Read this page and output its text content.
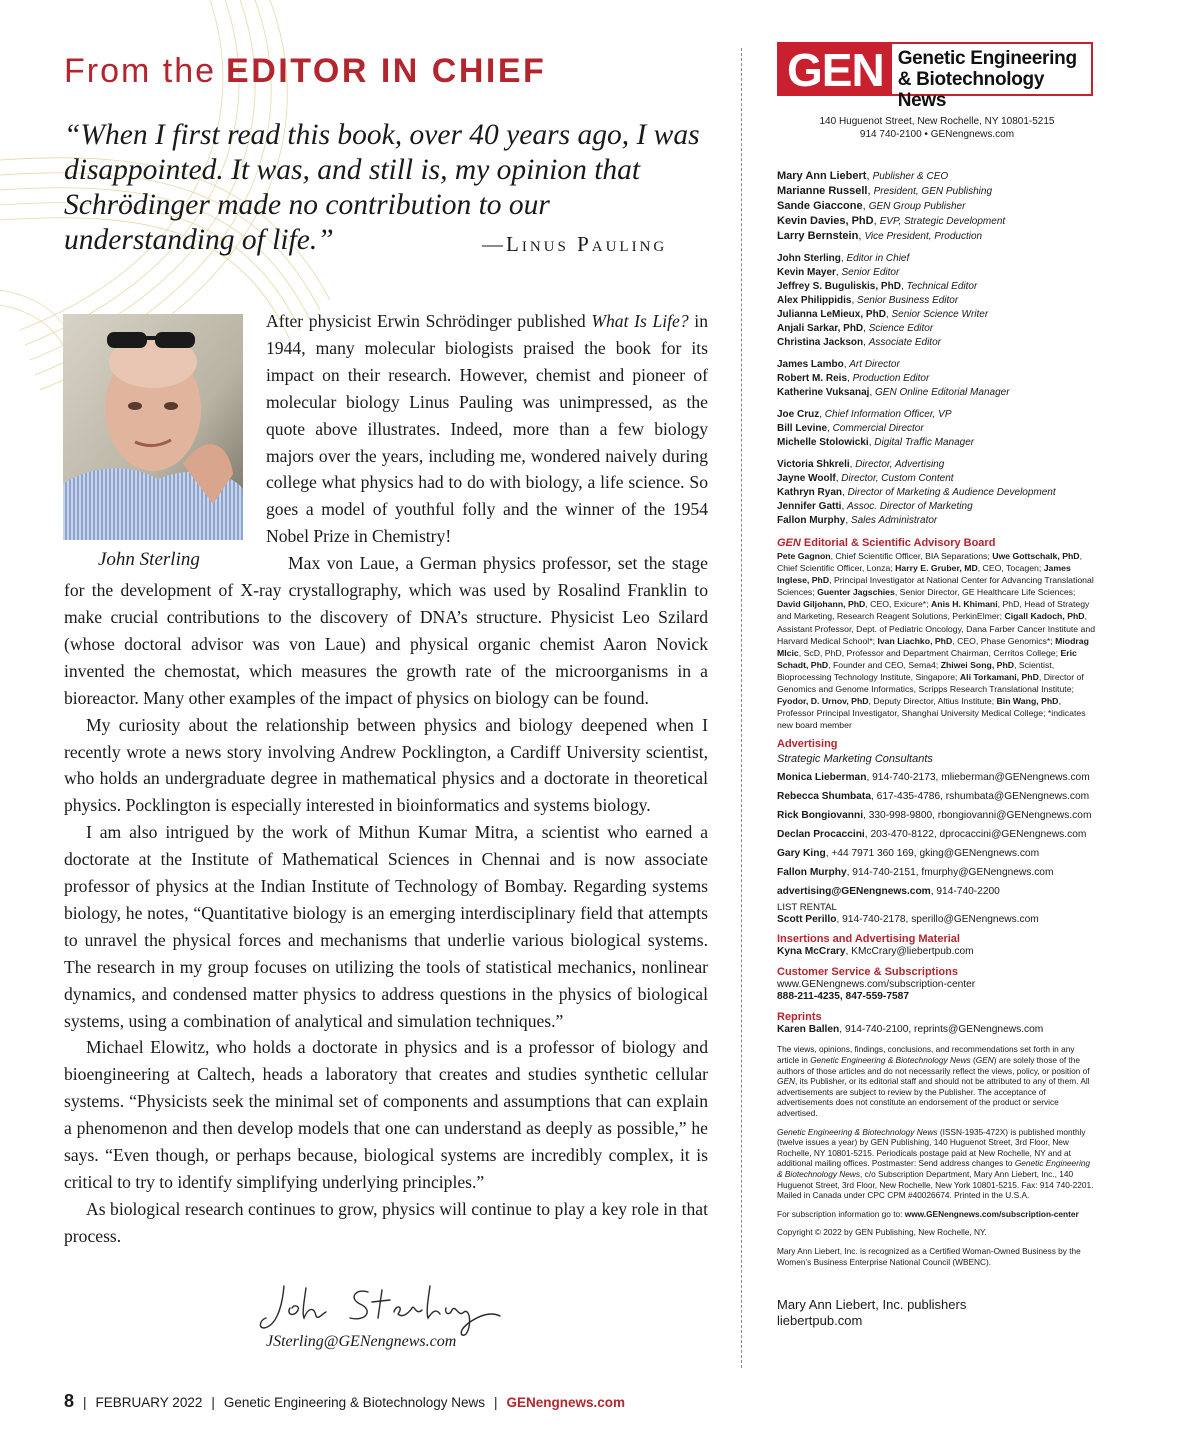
From the EDITOR IN CHIEF
“When I first read this book, over 40 years ago, I was disappointed. It was, and still is, my opinion that Schrödinger made no contribution to our understanding of life.”	—Linus Pauling
John Sterling

After physicist Erwin Schrödinger published What Is Life? in 1944, many molecular biologists praised the book for its impact on their research. However, chemist and pioneer of molecular biology Linus Pauling was unimpressed, as the quote above illustrates. Indeed, more than a few biology majors over the years, including me, wondered naively during college what physics had to do with biology, a life science. So goes a model of youthful folly and the winner of the 1954 Nobel Prize in Chemistry!

Max von Laue, a German physics professor, set the stage for the development of X-ray crystallography, which was used by Rosalind Franklin to make crucial contributions to the discovery of DNA’s structure. Physicist Leo Szilard (whose doctoral advisor was von Laue) and physical organic chemist Aaron Novick invented the chemostat, which measures the growth rate of the microorganisms in a bioreactor. Many other examples of the impact of physics on biology can be found.

My curiosity about the relationship between physics and biology deepened when I recently wrote a news story involving Andrew Pocklington, a Cardiff University scientist, who holds an undergraduate degree in mathematical physics and a doctorate in theoretical physics. Pocklington is especially interested in bioinformatics and systems biology.

I am also intrigued by the work of Mithun Kumar Mitra, a scientist who earned a doctorate at the Institute of Mathematical Sciences in Chennai and is now associate professor of physics at the Indian Institute of Technology of Bombay. Regarding systems biology, he notes, “Quantitative biology is an emerging interdisciplinary field that attempts to unravel the physical forces and mechanisms that underlie various biological systems. The research in my group focuses on utilizing the tools of statistical mechanics, nonlinear dynamics, and condensed matter physics to address questions in the physics of biological systems, using a combination of analytical and simulation techniques.”

Michael Elowitz, who holds a doctorate in physics and is a professor of biology and bioengineering at Caltech, heads a laboratory that creates and studies synthetic cellular systems. “Physicists seek the minimal set of components and assumptions that can explain a phenomenon and then develop models that one can understand as deeply as possible,” he says. “Even though, or perhaps because, biological systems are incredibly complex, it is critical to try to identify simplifying underlying principles.”

As biological research continues to grow, physics will continue to play a key role in that process.

JSterling@GENengnews.com
8 | FEBRUARY 2022 | Genetic Engineering & Biotechnology News | GENengnews.com
GEN Genetic Engineering
& Biotechnology News
140 Huguenot Street, New Rochelle, NY 10801-5215
914 740-2100 • GENengnews.com
Mary Ann Liebert, Publisher & CEO
Marianne Russell, President, GEN Publishing
Sande Giaccone, GEN Group Publisher
Kevin Davies, PhD, EVP, Strategic Development
Larry Bernstein, Vice President, Production
John Sterling, Editor in Chief
Kevin Mayer, Senior Editor
Jeffrey S. Buguliskis, PhD, Technical Editor
Alex Philippidis, Senior Business Editor
Julianna LeMieux, PhD, Senior Science Writer
Anjali Sarkar, PhD, Science Editor
Christina Jackson, Associate Editor
James Lambo, Art Director
Robert M. Reis, Production Editor
Katherine Vuksanaj, GEN Online Editorial Manager
Joe Cruz, Chief Information Officer, VP
Bill Levine, Commercial Director
Michelle Stolowicki, Digital Traffic Manager
Victoria Shkreli, Director, Advertising
Jayne Woolf, Director, Custom Content
Kathryn Ryan, Director of Marketing & Audience Development
Jennifer Gatti, Assoc. Director of Marketing
Fallon Murphy, Sales Administrator
GEN Editorial & Scientific Advisory Board
Pete Gagnon, Chief Scientific Officer, BIA Separations; Uwe Gottschalk, PhD, Chief Scientific Officer, Lonza; Harry E. Gruber, MD, CEO, Tocagen; James Inglese, PhD, Principal Investigator at National Center for Advancing Translational Sciences; Guenter Jagschies, Senior Director, GE Healthcare Life Sciences; David Giljohann, PhD, CEO, Exicure*; Anis H. Khimani, PhD, Head of Strategy and Marketing, Research Reagent Solutions, PerkinElmer; Cigall Kadoch, PhD, Assistant Professor, Dept. of Pediatric Oncology, Dana Farber Cancer Institute and Harvard Medical School*; Ivan Liachko, PhD, CEO, Phase Genomics*; Miodrag MIcic, ScD, PhD, Professor and Department Chairman, Cerritos College; Eric Schadt, PhD, Founder and CEO, Sema4; Zhiwei Song, PhD, Scientist, Bioprocessing Technology Institute, Singapore; Ali Torkamani, PhD, Director of Genomics and Genome Informatics, Scripps Research Translational Institute; Fyodor, D. Urnov, PhD, Deputy Director, Altius Institute; Bin Wang, PhD, Professor Principal Investigator, Shanghai University Medical College; *indicates new board member
Advertising
Strategic Marketing Consultants
Monica Lieberman, 914-740-2173, mlieberman@GENengnews.com
Rebecca Shumbata, 617-435-4786, rshumbata@GENengnews.com
Rick Bongiovanni, 330-998-9800, rbongiovanni@GENengnews.com
Declan Procaccini, 203-470-8122, dprocaccini@GENengnews.com
Gary King, +44 7971 360 169, gking@GENengnews.com
Fallon Murphy, 914-740-2151, fmurphy@GENengnews.com
advertising@GENengnews.com, 914-740-2200
LIST RENTAL
Scott Perillo, 914-740-2178, sperillo@GENengnews.com
Insertions and Advertising Material
Kyna McCrary, KMcCrary@liebertpub.com
Customer Service & Subscriptions
www.GENengnews.com/subscription-center
888-211-4235, 847-559-7587
Reprints
Karen Ballen, 914-740-2100, reprints@GENengnews.com
The views, opinions, findings, conclusions, and recommendations set forth in any article in Genetic Engineering & Biotechnology News (GEN) are solely those of the authors of those articles and do not necessarily reflect the views, policy, or position of GEN, its Publisher, or its editorial staff and should not be attributed to any of them. All advertisements are subject to review by the Publisher. The acceptance of advertisements does not constitute an endorsement of the product or service advertised.
Genetic Engineering & Biotechnology News (ISSN-1935-472X) is published monthly (twelve issues a year) by GEN Publishing, 140 Huguenot Street, 3rd Floor, New Rochelle, NY 10801-5215. Periodicals postage paid at New Rochelle, NY and at additional mailing offices. Postmaster: Send address changes to Genetic Engineering & Biotechnology News, c/o Subscription Department, Mary Ann Liebert, Inc., 140 Huguenot Street, 3rd Floor, New Rochelle, New York 10801-5215. Fax: 914 740-2201. Mailed in Canada under CPC CPM #40026674. Printed in the U.S.A.
For subscription information go to: www.GENengnews.com/subscription-center
Copyright © 2022 by GEN Publishing, New Rochelle, NY.
Mary Ann Liebert, Inc. is recognized as a Certified Woman-Owned Business by the Women’s Business Enterprise National Council (WBENC).
Mary Ann Liebert, Inc. publishers
liebertpub.com
